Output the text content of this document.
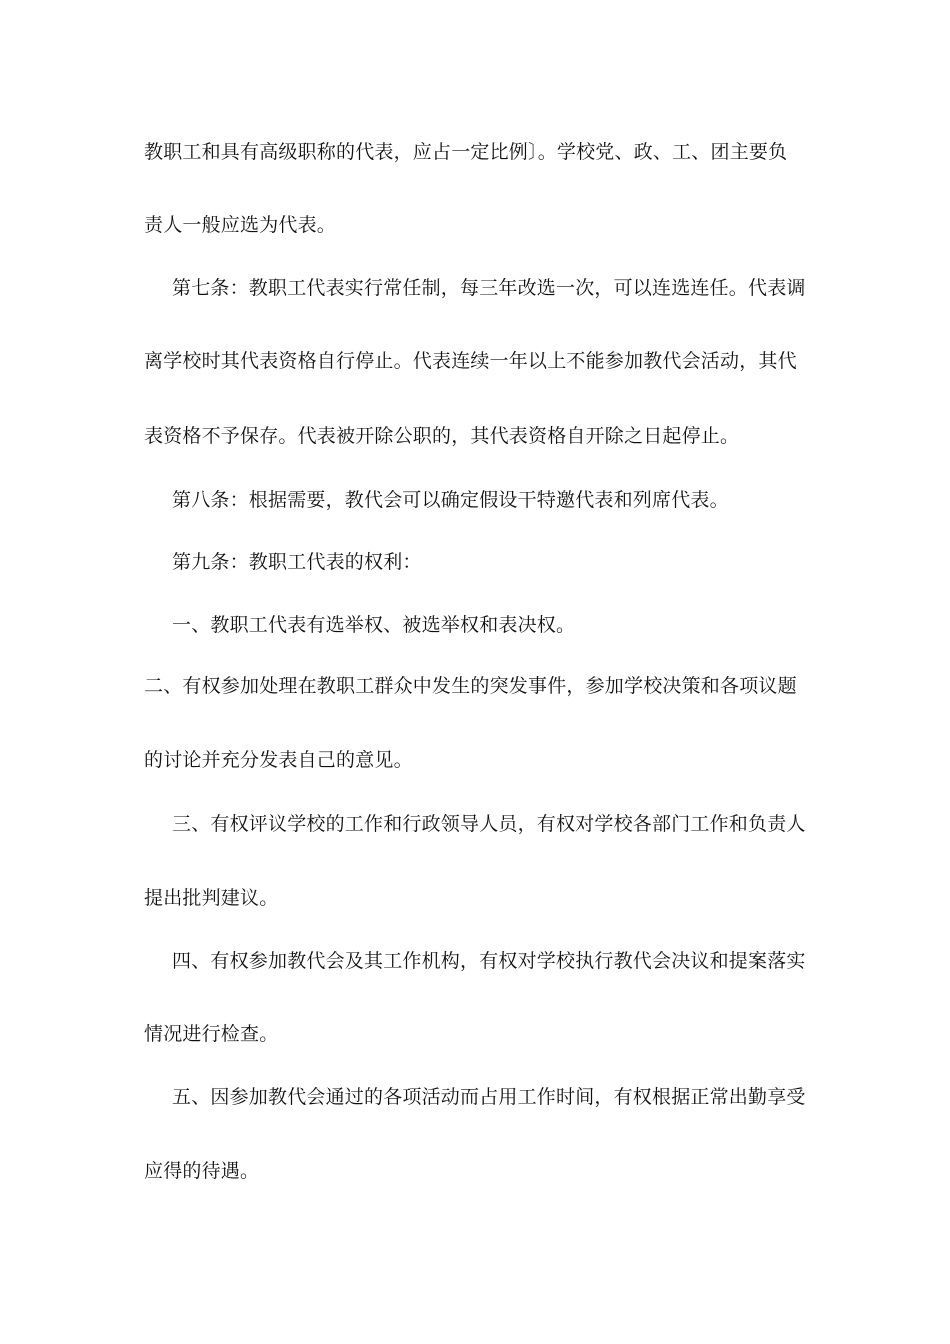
教职工和具有高级职称的代表，应占一定比例〕。学校党、政、工、团主要负
责人一般应选为代表。
第七条：教职工代表实行常任制，每三年改选一次，可以连选连任。代表调
离学校时其代表资格自行停止。代表连续一年以上不能参加教代会活动，其代
表资格不予保存。代表被开除公职的，其代表资格自开除之日起停止。
第八条：根据需要，教代会可以确定假设干特邀代表和列席代表。
第九条：教职工代表的权利：
一、教职工代表有选举权、被选举权和表决权。
二、有权参加处理在教职工群众中发生的突发事件，参加学校决策和各项议题
的讨论并充分发表自己的意见。
三、有权评议学校的工作和行政领导人员，有权对学校各部门工作和负责人
提出批判建议。
四、有权参加教代会及其工作机构，有权对学校执行教代会决议和提案落实
情况进行检查。
五、因参加教代会通过的各项活动而占用工作时间，有权根据正常出勤享受
应得的待遇。
